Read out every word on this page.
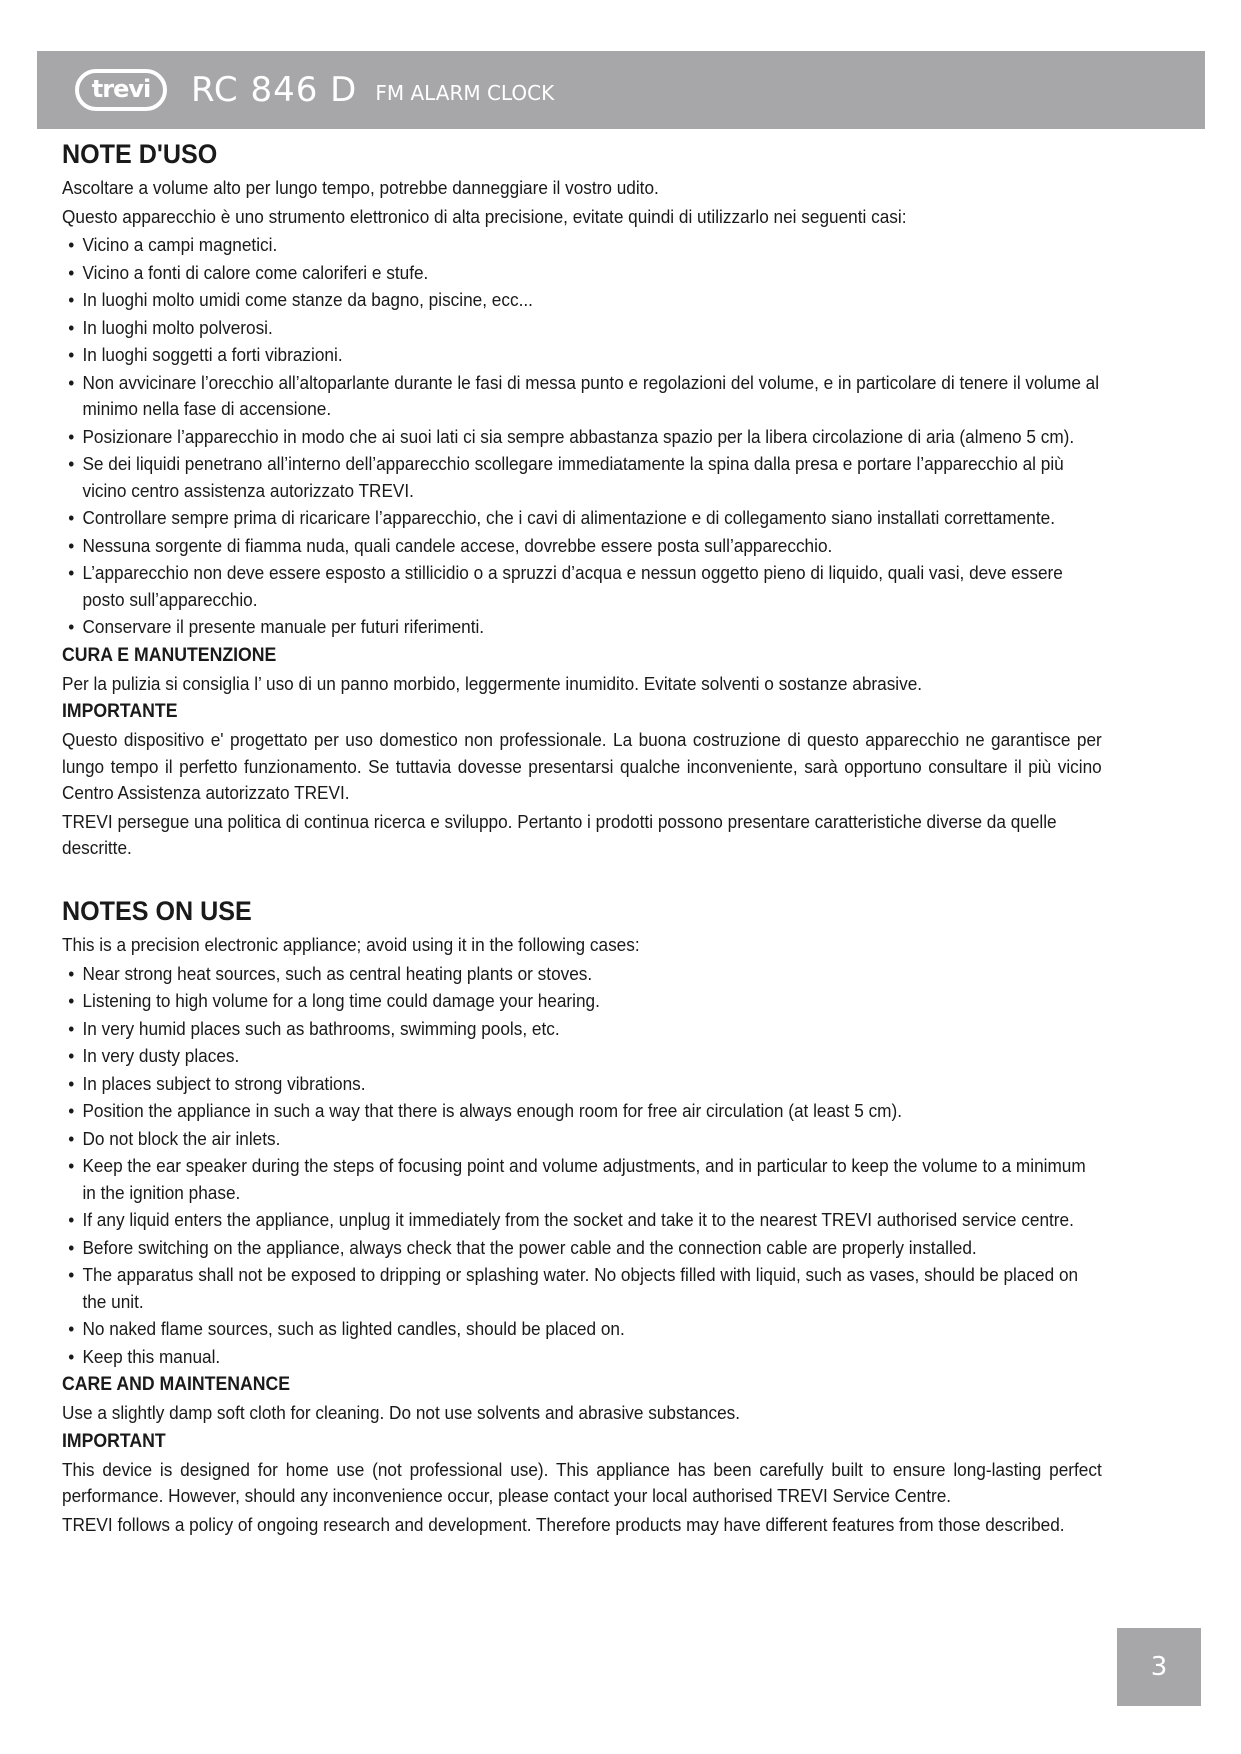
trevi RC 846 D FM ALARM CLOCK
NOTE D'USO

Ascoltare a volume alto per lungo tempo, potrebbe danneggiare il vostro udito.

Questo apparecchio è uno strumento elettronico di alta precisione, evitate quindi di utilizzarlo nei seguenti casi:

• Vicino a campi magnetici.
• Vicino a fonti di calore come caloriferi e stufe.
• In luoghi molto umidi come stanze da bagno, piscine, ecc...
• In luoghi molto polverosi.
• In luoghi soggetti a forti vibrazioni.
• Non avvicinare l’orecchio all’altoparlante durante le fasi di messa punto e regolazioni del volume, e in particolare di tenere il volume al minimo nella fase di accensione.
• Posizionare l’apparecchio in modo che ai suoi lati ci sia sempre abbastanza spazio per la libera circolazione di aria (almeno 5 cm).
• Se dei liquidi penetrano all’interno dell’apparecchio scollegare immediatamente la spina dalla presa e portare l’apparecchio al più vicino centro assistenza autorizzato TREVI.
• Controllare sempre prima di ricaricare l’apparecchio, che i cavi di alimentazione e di collegamento siano installati correttamente.
• Nessuna sorgente di fiamma nuda, quali candele accese, dovrebbe essere posta sull’apparecchio.
• L’apparecchio non deve essere esposto a stillicidio o a spruzzi d’acqua e nessun oggetto pieno di liquido, quali vasi, deve essere posto sull’apparecchio.
• Conservare il presente manuale per futuri riferimenti.
CURA E MANUTENZIONE

Per la pulizia si consiglia l’ uso di un panno morbido, leggermente inumidito. Evitate solventi o sostanze abrasive.

IMPORTANTE

Questo dispositivo e' progettato per uso domestico non professionale. La buona costruzione di questo apparecchio ne garantisce per lungo tempo il perfetto funzionamento. Se tuttavia dovesse presentarsi qualche inconveniente, sarà opportuno consultare il più vicino Centro Assistenza autorizzato TREVI.

TREVI persegue una politica di continua ricerca e sviluppo. Pertanto i prodotti possono presentare caratteristiche diverse da quelle descritte.

NOTES ON USE

This is a precision electronic appliance; avoid using it in the following cases:

• Near strong heat sources, such as central heating plants or stoves.
• Listening to high volume for a long time could damage your hearing.
• In very humid places such as bathrooms, swimming pools, etc.
• In very dusty places.
• In places subject to strong vibrations.
• Position the appliance in such a way that there is always enough room for free air circulation (at least 5 cm).
• Do not block the air inlets.
• Keep the ear speaker during the steps of focusing point and volume adjustments, and in particular to keep the volume to a minimum in the ignition phase.
• If any liquid enters the appliance, unplug it immediately from the socket and take it to the nearest TREVI authorised service centre.
• Before switching on the appliance, always check that the power cable and the connection cable are properly installed.
• The apparatus shall not be exposed to dripping or splashing water. No objects filled with liquid, such as vases, should be placed on the unit.
• No naked flame sources, such as lighted candles, should be placed on.
• Keep this manual.
CARE AND MAINTENANCE

Use a slightly damp soft cloth for cleaning. Do not use solvents and abrasive substances.

IMPORTANT

This device is designed for home use (not professional use). This appliance has been carefully built to ensure long-lasting perfect performance. However, should any inconvenience occur, please contact your local authorised TREVI Service Centre.

TREVI follows a policy of ongoing research and development. Therefore products may have different features from those described.

3
